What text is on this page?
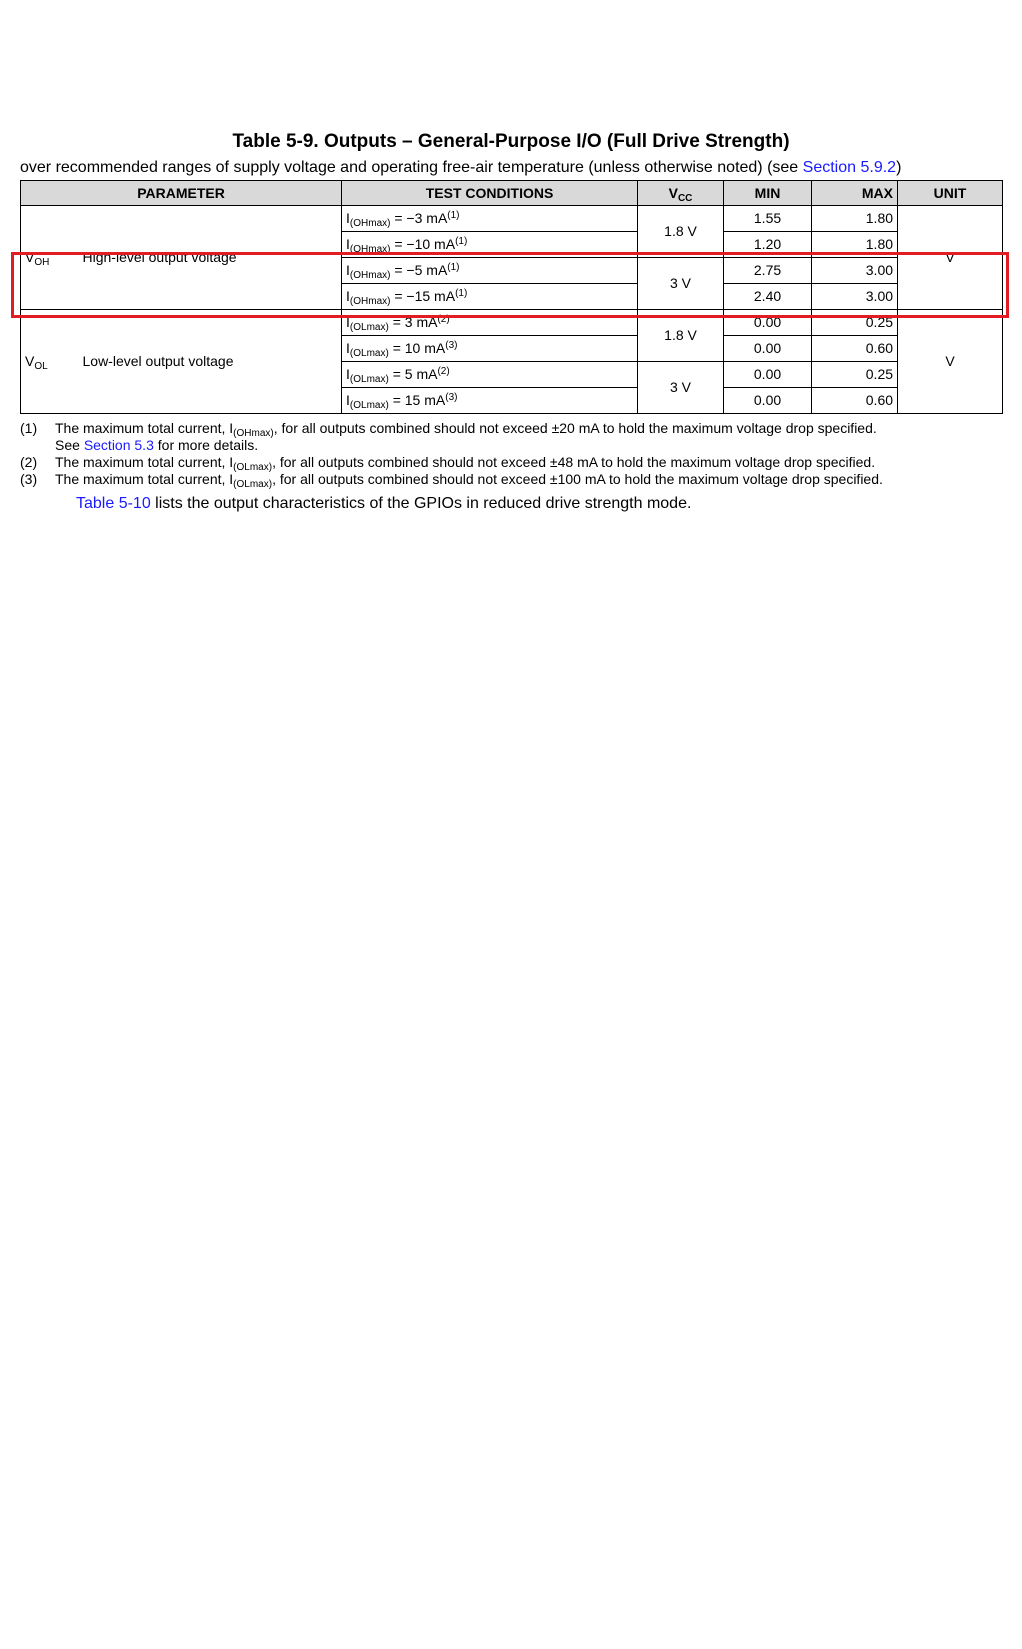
Table 5-9. Outputs – General-Purpose I/O (Full Drive Strength)
over recommended ranges of supply voltage and operating free-air temperature (unless otherwise noted) (see Section 5.9.2)
PARAMETER		TEST CONDITIONS	$V_{CC}$	MIN	MAX	UNIT
$V_{OH}$	High-level output voltage	$I_{(OHmax)} = -3$ $mA^{(1)}$	1.8 V	1.55	1.80	V
		$I_{(OHmax)} = -10$ $mA^{(1)}$		1.20	1.80	
		$I_{(OHmax)} = -5$ $mA^{(1)}$	3 V	2.75	3.00	
		$I_{(OHmax)} = -15$ $mA^{(1)}$		2.40	3.00	
$V_{OL}$	Low-level output voltage	$I_{(OLmax)} = 3$ $mA^{(2)}$	1.8 V	0.00	0.25	V
		$I_{(OLmax)} = 10$ $mA^{(3)}$		0.00	0.60	
		$I_{(OLmax)} = 5$ $mA^{(2)}$	3 V	0.00	0.25	
		$I_{(OLmax)} = 15$ $mA^{(3)}$		0.00	0.60	
(1)	The maximum total current, $I_{(OHmax)}$, for all outputs combined should not exceed ±20 mA to hold the maximum voltage drop specified.
See Section 5.3 for more details.
(2)	The maximum total current, $I_{(OLmax)}$, for all outputs combined should not exceed ±48 mA to hold the maximum voltage drop specified.
(3)	The maximum total current, $I_{(OLmax)}$, for all outputs combined should not exceed ±100 mA to hold the maximum voltage drop specified.
Table 5-10 lists the output characteristics of the GPIOs in reduced drive strength mode.
